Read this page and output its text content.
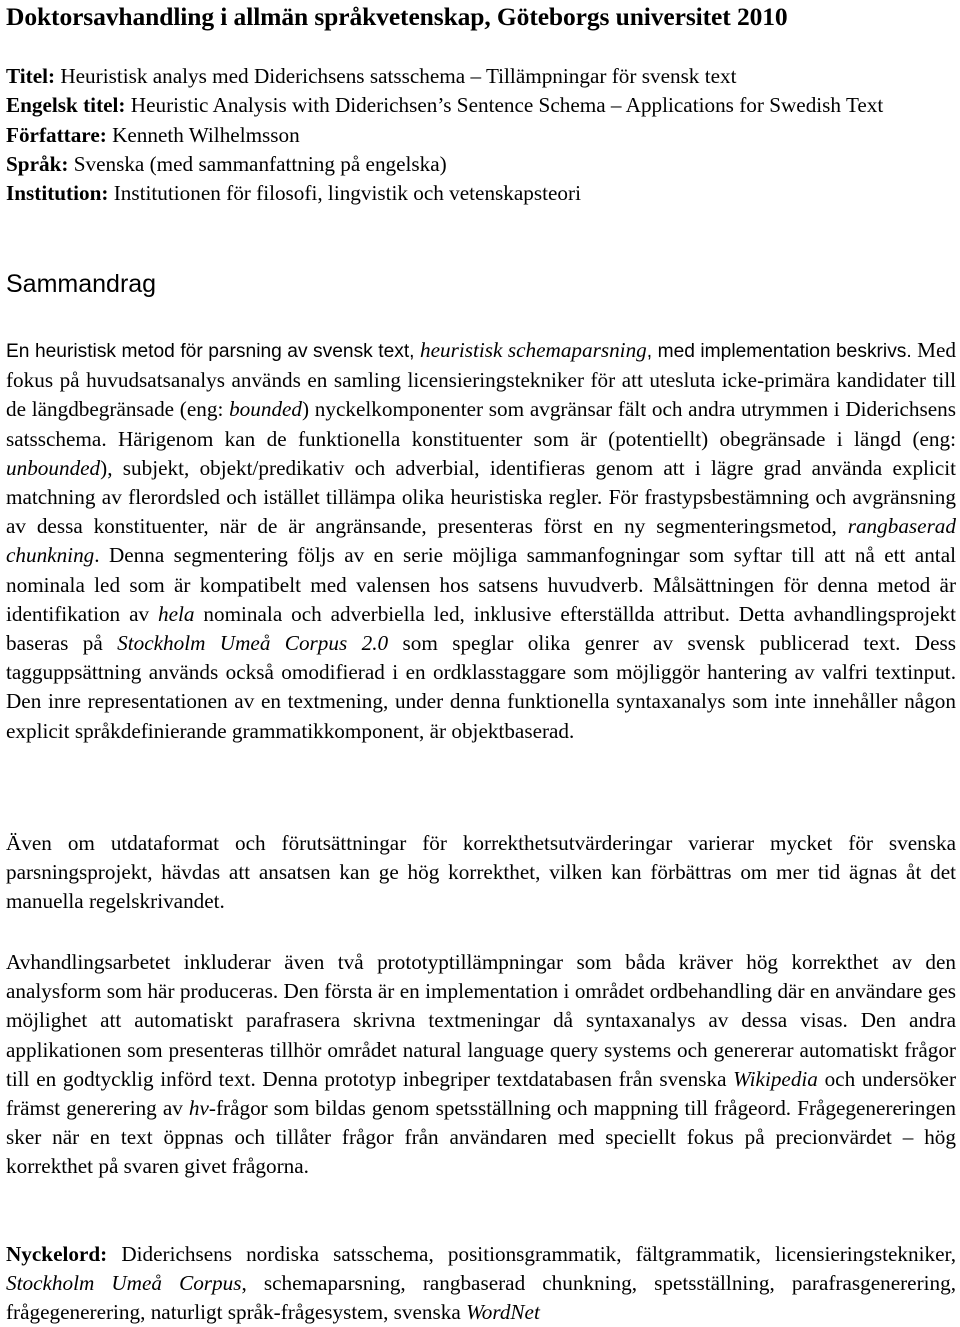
Doktorsavhandling i allmän språkvetenskap, Göteborgs universitet 2010
Titel: Heuristisk analys med Diderichsens satsschema – Tillämpningar för svensk text
Engelsk titel: Heuristic Analysis with Diderichsen’s Sentence Schema – Applications for Swedish Text
Författare: Kenneth Wilhelmsson
Språk: Svenska (med sammanfattning på engelska)
Institution: Institutionen för filosofi, lingvistik och vetenskapsteori
Sammandrag

En heuristisk metod för parsning av svensk text, heuristisk schemaparsning, med implementation beskrivs. Med fokus på huvudsatsanalys används en samling licensieringstekniker för att utesluta icke-primära kandidater till de längdbegränsade (eng: bounded) nyckelkomponenter som avgränsar fält och andra utrymmen i Diderichsens satsschema. Härigenom kan de funktionella konstituenter som är (potentiellt) obegränsade i längd (eng: unbounded), subjekt, objekt/predikativ och adverbial, identifieras genom att i lägre grad använda explicit matchning av flerordsled och istället tillämpa olika heuristiska regler. För frastypsbestämning och avgränsning av dessa konstituenter, när de är angränsande, presenteras först en ny segmenteringsmetod, rangbaserad chunkning. Denna segmentering följs av en serie möjliga sammanfogningar som syftar till att nå ett antal nominala led som är kompatibelt med valensen hos satsens huvudverb. Målsättningen för denna metod är identifikation av hela nominala och adverbiella led, inklusive efterställda attribut. Detta avhandlingsprojekt baseras på Stockholm Umeå Corpus 2.0 som speglar olika genrer av svensk publicerad text. Dess tagguppsättning används också omodifierad i en ordklasstaggare som möjliggör hantering av valfri textinput. Den inre representationen av en textmening, under denna funktionella syntaxanalys som inte innehåller någon explicit språkdefinierande grammatikkomponent, är objektbaserad.

Även om utdataformat och förutsättningar för korrekthetsutvärderingar varierar mycket för svenska parsningsprojekt, hävdas att ansatsen kan ge hög korrekthet, vilken kan förbättras om mer tid ägnas åt det manuella regelskrivandet.

Avhandlingsarbetet inkluderar även två prototyptillämpningar som båda kräver hög korrekthet av den analysform som här produceras. Den första är en implementation i området ordbehandling där en användare ges möjlighet att automatiskt parafrasera skrivna textmeningar då syntaxanalys av dessa visas. Den andra applikationen som presenteras tillhör området natural language query systems och genererar automatiskt frågor till en godtycklig införd text. Denna prototyp inbegriper textdatabasen från svenska Wikipedia och undersöker främst generering av hv-frågor som bildas genom spetsställning och mappning till frågeord. Frågegenereringen sker när en text öppnas och tillåter frågor från användaren med speciellt fokus på precionvärdet – hög korrekthet på svaren givet frågorna.

Nyckelord: Diderichsens nordiska satsschema, positionsgrammatik, fältgrammatik, licensieringstekniker, Stockholm Umeå Corpus, schemaparsning, rangbaserad chunkning, spetsställning, parafrasgenerering, frågegenerering, naturligt språk-frågesystem, svenska WordNet
